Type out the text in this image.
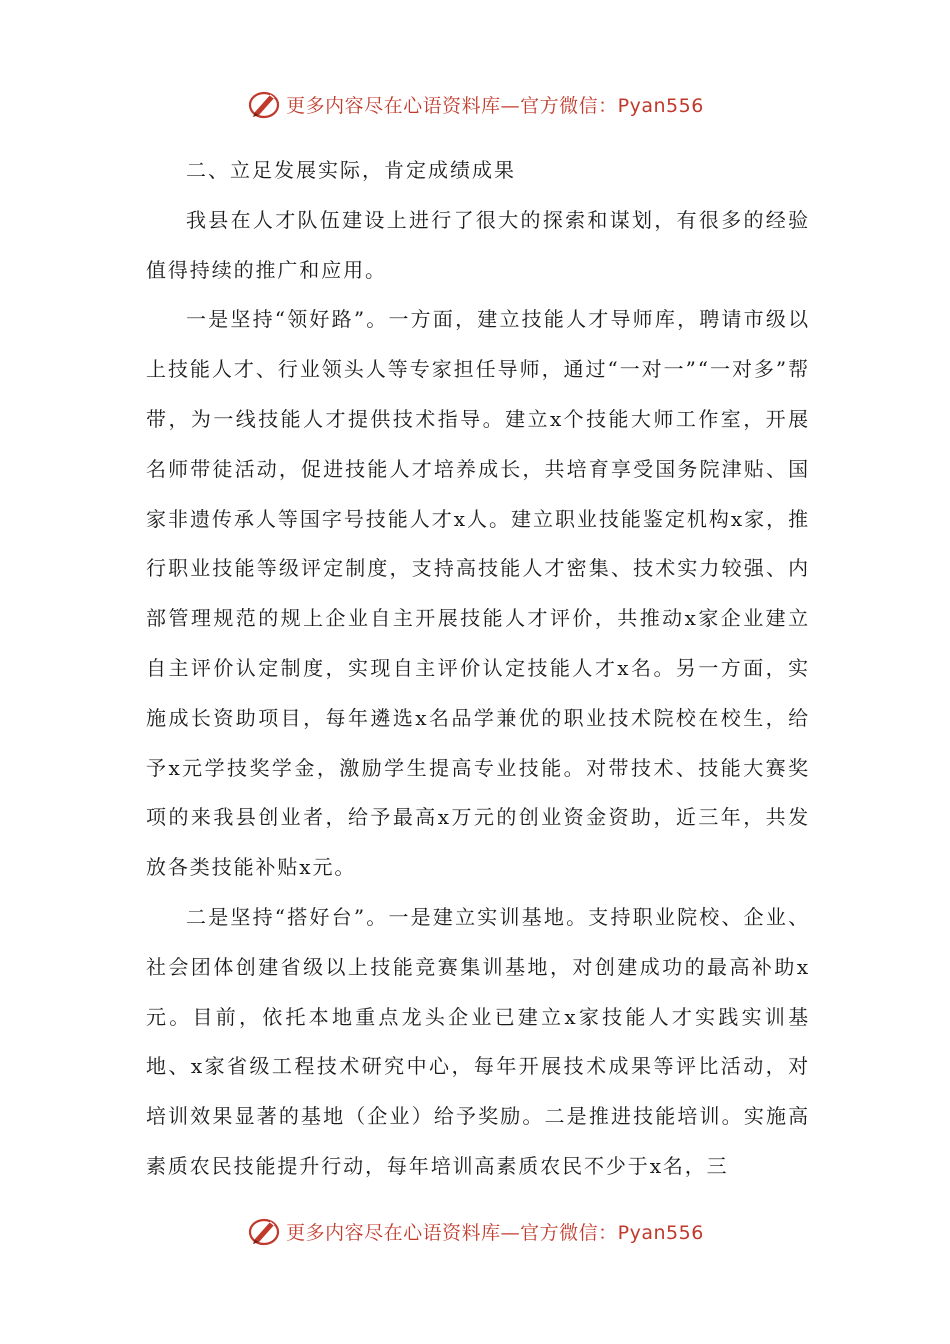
更多内容尽在心语资料库—官方微信：Pyan556

二、立足发展实际，肯定成绩成果

我县在人才队伍建设上进行了很大的探索和谋划，有很多的经验值得持续的推广和应用。

一是坚持“领好路”。一方面，建立技能人才导师库，聘请市级以上技能人才、行业领头人等专家担任导师，通过“一对一”“一对多”帮带，为一线技能人才提供技术指导。建立x个技能大师工作室，开展名师带徒活动，促进技能人才培养成长，共培育享受国务院津贴、国家非遗传承人等国字号技能人才x人。建立职业技能鉴定机构x家，推行职业技能等级评定制度，支持高技能人才密集、技术实力较强、内部管理规范的规上企业自主开展技能人才评价，共推动x家企业建立自主评价认定制度，实现自主评价认定技能人才x名。另一方面，实施成长资助项目，每年遴选x名品学兼优的职业技术院校在校生，给予x元学技奖学金，激励学生提高专业技能。对带技术、技能大赛奖项的来我县创业者，给予最高x万元的创业资金资助，近三年，共发放各类技能补贴x元。

二是坚持“搭好台”。一是建立实训基地。支持职业院校、企业、社会团体创建省级以上技能竞赛集训基地，对创建成功的最高补助x元。目前，依托本地重点龙头企业已建立x家技能人才实践实训基地、x家省级工程技术研究中心，每年开展技术成果等评比活动，对培训效果显著的基地（企业）给予奖励。二是推进技能培训。实施高素质农民技能提升行动，每年培训高素质农民不少于x名，三

更多内容尽在心语资料库—官方微信：Pyan556
